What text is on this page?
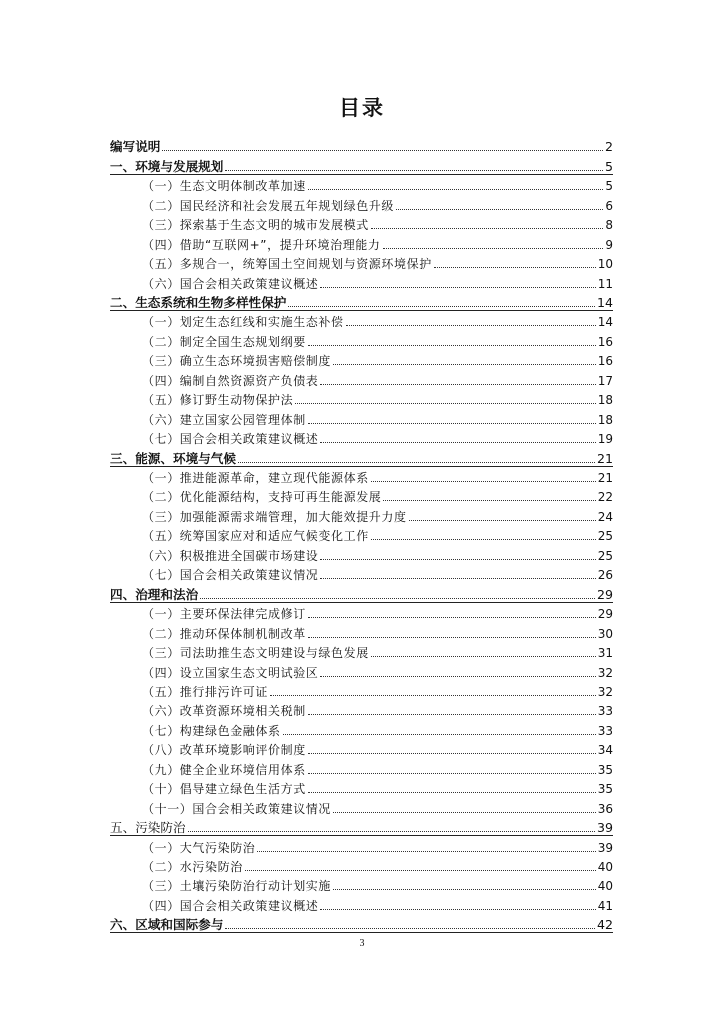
目录
编写说明	2
一、环境与发展规划	5
（一）生态文明体制改革加速	5
（二）国民经济和社会发展五年规划绿色升级	6
（三）探索基于生态文明的城市发展模式	8
（四）借助“互联网+”，提升环境治理能力	9
（五）多规合一，统筹国土空间规划与资源环境保护	10
（六）国合会相关政策建议概述	11
二、生态系统和生物多样性保护	14
（一）划定生态红线和实施生态补偿	14
（二）制定全国生态规划纲要	16
（三）确立生态环境损害赔偿制度	16
（四）编制自然资源资产负债表	17
（五）修订野生动物保护法	18
（六）建立国家公园管理体制	18
（七）国合会相关政策建议概述	19
三、能源、环境与气候	21
（一）推进能源革命，建立现代能源体系	21
（二）优化能源结构，支持可再生能源发展	22
（三）加强能源需求端管理，加大能效提升力度	24
（五）统筹国家应对和适应气候变化工作	25
（六）积极推进全国碳市场建设	25
（七）国合会相关政策建议情况	26
四、治理和法治	29
（一）主要环保法律完成修订	29
（二）推动环保体制机制改革	30
（三）司法助推生态文明建设与绿色发展	31
（四）设立国家生态文明试验区	32
（五）推行排污许可证	32
（六）改革资源环境相关税制	33
（七）构建绿色金融体系	33
（八）改革环境影响评价制度	34
（九）健全企业环境信用体系	35
（十）倡导建立绿色生活方式	35
（十一）国合会相关政策建议情况	36
五、污染防治	39
（一）大气污染防治	39
（二）水污染防治	40
（三）土壤污染防治行动计划实施	40
（四）国合会相关政策建议概述	41
六、区域和国际参与	42
3
